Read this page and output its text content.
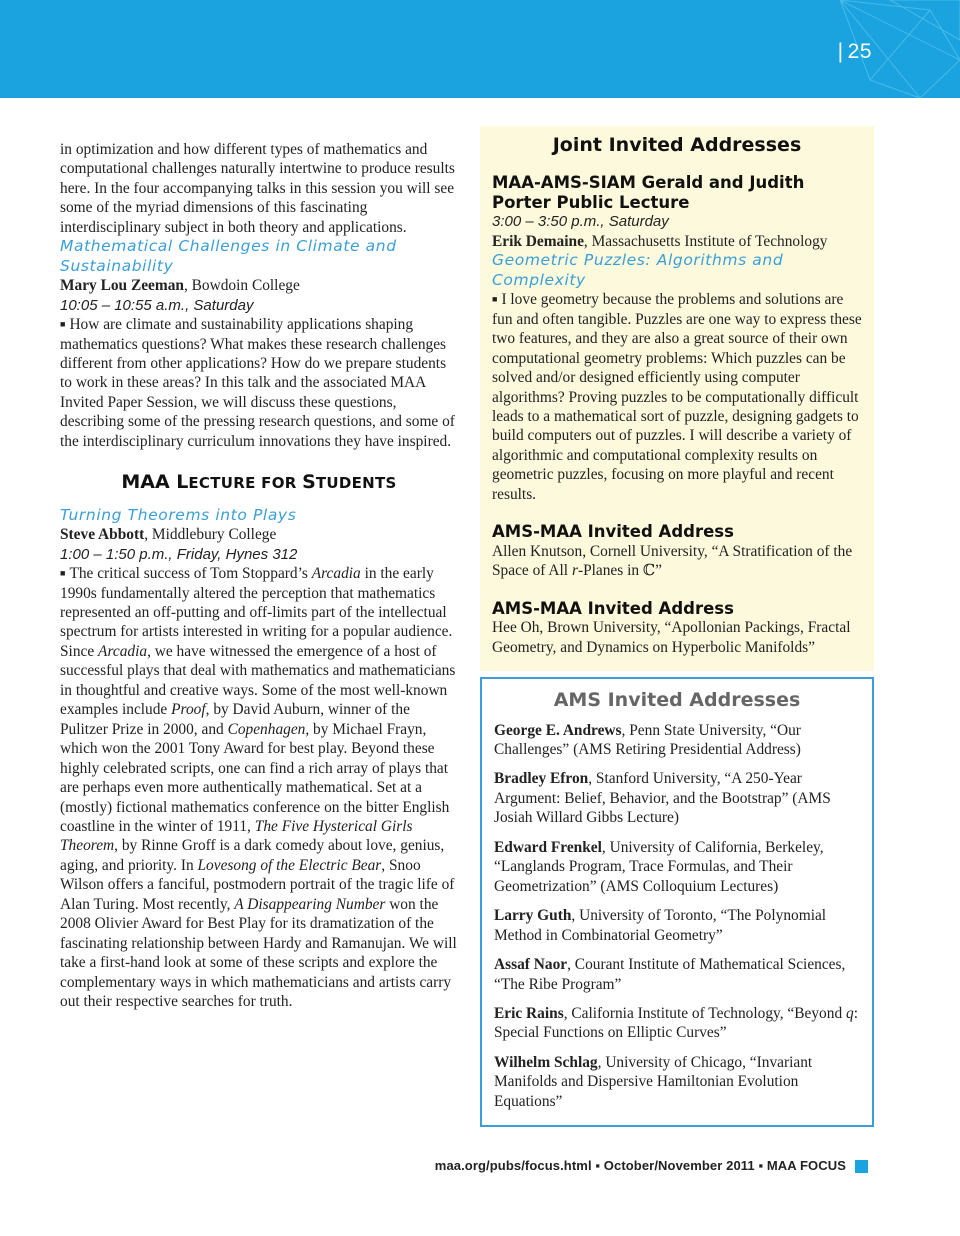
| 25

in optimization and how different types of mathematics and computational challenges naturally intertwine to produce results here. In the four accompanying talks in this session you will see some of the myriad dimensions of this fascinating interdisciplinary subject in both theory and applications.

Mathematical Challenges in Climate and Sustainability

Mary Lou Zeeman, Bowdoin College

10:05 – 10:55 a.m., Saturday

■ How are climate and sustainability applications shaping mathematics questions? What makes these research challenges different from other applications? How do we prepare students to work in these areas? In this talk and the associated MAA Invited Paper Session, we will discuss these questions, describing some of the pressing research questions, and some of the interdisciplinary curriculum innovations they have inspired.

MAA LECTURE FOR STUDENTS

Turning Theorems into Plays

Steve Abbott, Middlebury College

1:00 – 1:50 p.m., Friday, Hynes 312

■ The critical success of Tom Stoppard’s Arcadia in the early 1990s fundamentally altered the perception that mathematics represented an off-putting and off-limits part of the intellectual spectrum for artists interested in writing for a popular audience. Since Arcadia, we have witnessed the emergence of a host of successful plays that deal with mathematics and mathematicians in thoughtful and creative ways. Some of the most well-known examples include Proof, by David Auburn, winner of the Pulitzer Prize in 2000, and Copenhagen, by Michael Frayn, which won the 2001 Tony Award for best play. Beyond these highly celebrated scripts, one can find a rich array of plays that are perhaps even more authentically mathematical. Set at a (mostly) fictional mathematics conference on the bitter English coastline in the winter of 1911, The Five Hysterical Girls Theorem, by Rinne Groff is a dark comedy about love, genius, aging, and priority. In Lovesong of the Electric Bear, Snoo Wilson offers a fanciful, postmodern portrait of the tragic life of Alan Turing. Most recently, A Disappearing Number won the 2008 Olivier Award for Best Play for its dramatization of the fascinating relationship between Hardy and Ramanujan. We will take a first-hand look at some of these scripts and explore the complementary ways in which mathematicians and artists carry out their respective searches for truth.

Joint Invited Addresses
MAA-AMS-SIAM Gerald and Judith Porter Public Lecture

3:00 – 3:50 p.m., Saturday

Erik Demaine, Massachusetts Institute of Technology

Geometric Puzzles: Algorithms and Complexity

■ I love geometry because the problems and solutions are fun and often tangible. Puzzles are one way to express these two features, and they are also a great source of their own computational geometry problems: Which puzzles can be solved and/or designed efficiently using computer algorithms? Proving puzzles to be computationally difficult leads to a mathematical sort of puzzle, designing gadgets to build computers out of puzzles. I will describe a variety of algorithmic and computational complexity results on geometric puzzles, focusing on more playful and recent results.

AMS-MAA Invited Address

Allen Knutson, Cornell University, “A Stratification of the Space of All r-Planes in ℂ”

AMS-MAA Invited Address

Hee Oh, Brown University, “Apollonian Packings, Fractal Geometry, and Dynamics on Hyperbolic Manifolds”

AMS Invited Addresses

George E. Andrews, Penn State University, “Our Challenges” (AMS Retiring Presidential Address)

Bradley Efron, Stanford University, “A 250-Year Argument: Belief, Behavior, and the Bootstrap” (AMS Josiah Willard Gibbs Lecture)

Edward Frenkel, University of California, Berkeley, “Langlands Program, Trace Formulas, and Their Geometrization” (AMS Colloquium Lectures)

Larry Guth, University of Toronto, “The Polynomial Method in Combinatorial Geometry”

Assaf Naor, Courant Institute of Mathematical Sciences, “The Ribe Program”

Eric Rains, California Institute of Technology, “Beyond q: Special Functions on Elliptic Curves”

Wilhelm Schlag, University of Chicago, “Invariant Manifolds and Dispersive Hamiltonian Evolution Equations”

maa.org/pubs/focus.html ▪ October/November 2011 ▪ MAA FOCUS
